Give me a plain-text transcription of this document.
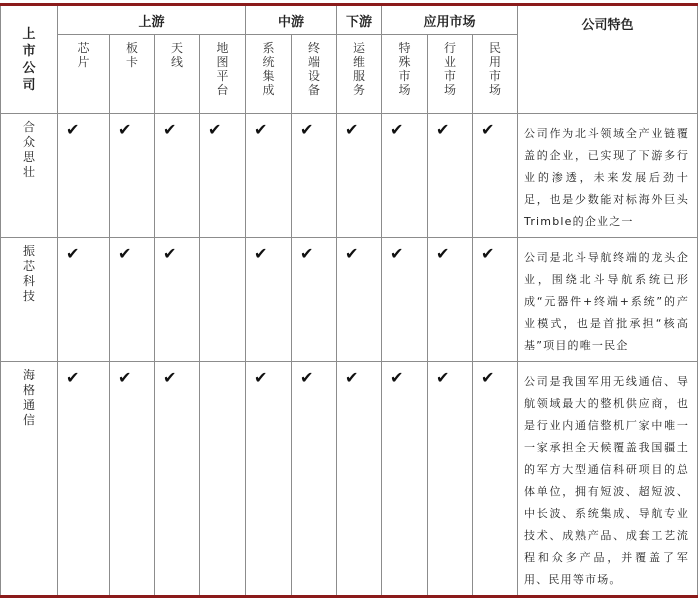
上市公司	上游				中游		下游	应用市场			公司特色
	芯片	板卡	天线	地图平台	系统集成	终端设备	运维服务	特殊市场	行业市场	民用市场	
合众思壮	✔	✔	✔	✔	✔	✔	✔	✔	✔	✔	公司作为北斗领域全产业链覆盖的企业，已实现了下游多行业的渗透，未来发展后劲十足，也是少数能对标海外巨头Trimble的企业之一
振芯科技	✔	✔	✔		✔	✔	✔	✔	✔	✔	公司是北斗导航终端的龙头企业，围绕北斗导航系统已形成“元器件+终端+系统”的产业模式，也是首批承担“核高基”项目的唯一民企
海格通信	✔	✔	✔		✔	✔	✔	✔	✔	✔	公司是我国军用无线通信、导航领域最大的整机供应商，也是行业内通信整机厂家中唯一一家承担全天候覆盖我国疆土的军方大型通信科研项目的总体单位，拥有短波、超短波、中长波、系统集成、导航专业技术、成熟产品、成套工艺流程和众多产品，并覆盖了军用、民用等市场。
